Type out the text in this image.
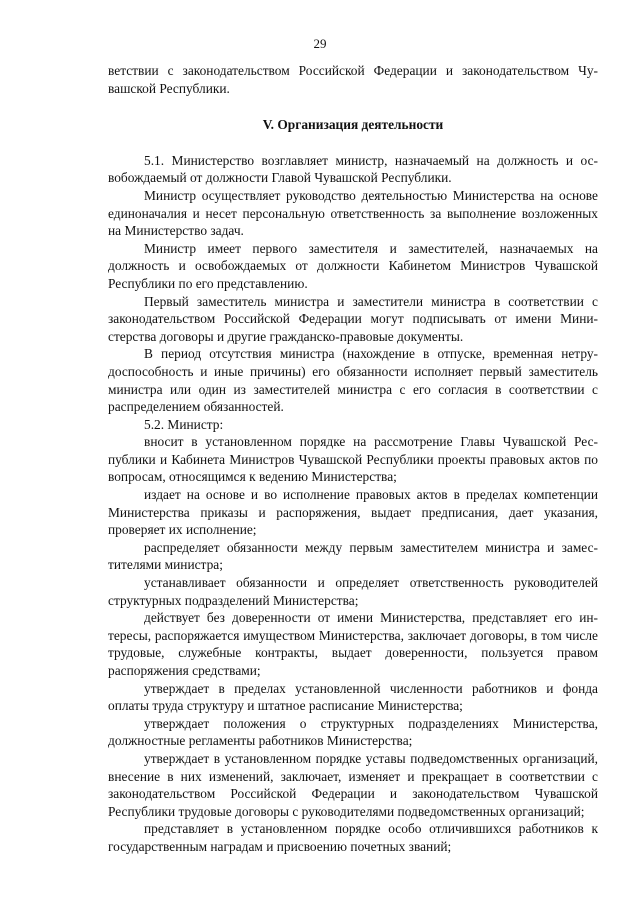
29

ветствии с законодательством Российской Федерации и законодательством Чувашской Республики.

V. Организация деятельности

5.1. Министерство возглавляет министр, назначаемый на должность и освобождаемый от должности Главой Чувашской Республики.

Министр осуществляет руководство деятельностью Министерства на основе единоначалия и несет персональную ответственность за выполнение возложенных на Министерство задач.

Министр имеет первого заместителя и заместителей, назначаемых на должность и освобождаемых от должности Кабинетом Министров Чувашской Республики по его представлению.

Первый заместитель министра и заместители министра в соответствии с законодательством Российской Федерации могут подписывать от имени Министерства договоры и другие гражданско-правовые документы.

В период отсутствия министра (нахождение в отпуске, временная нетрудоспособность и иные причины) его обязанности исполняет первый заместитель министра или один из заместителей министра с его согласия в соответствии с распределением обязанностей.

5.2. Министр:

вносит в установленном порядке на рассмотрение Главы Чувашской Республики и Кабинета Министров Чувашской Республики проекты правовых актов по вопросам, относящимся к ведению Министерства;

издает на основе и во исполнение правовых актов в пределах компетенции Министерства приказы и распоряжения, выдает предписания, дает указания, проверяет их исполнение;

распределяет обязанности между первым заместителем министра и заместителями министра;

устанавливает обязанности и определяет ответственность руководителей структурных подразделений Министерства;

действует без доверенности от имени Министерства, представляет его интересы, распоряжается имуществом Министерства, заключает договоры, в том числе трудовые, служебные контракты, выдает доверенности, пользуется правом распоряжения средствами;

утверждает в пределах установленной численности работников и фонда оплаты труда структуру и штатное расписание Министерства;

утверждает положения о структурных подразделениях Министерства, должностные регламенты работников Министерства;

утверждает в установленном порядке уставы подведомственных организаций, внесение в них изменений, заключает, изменяет и прекращает в соответствии с законодательством Российской Федерации и законодательством Чувашской Республики трудовые договоры с руководителями подведомственных организаций;

представляет в установленном порядке особо отличившихся работников к государственным наградам и присвоению почетных званий;
